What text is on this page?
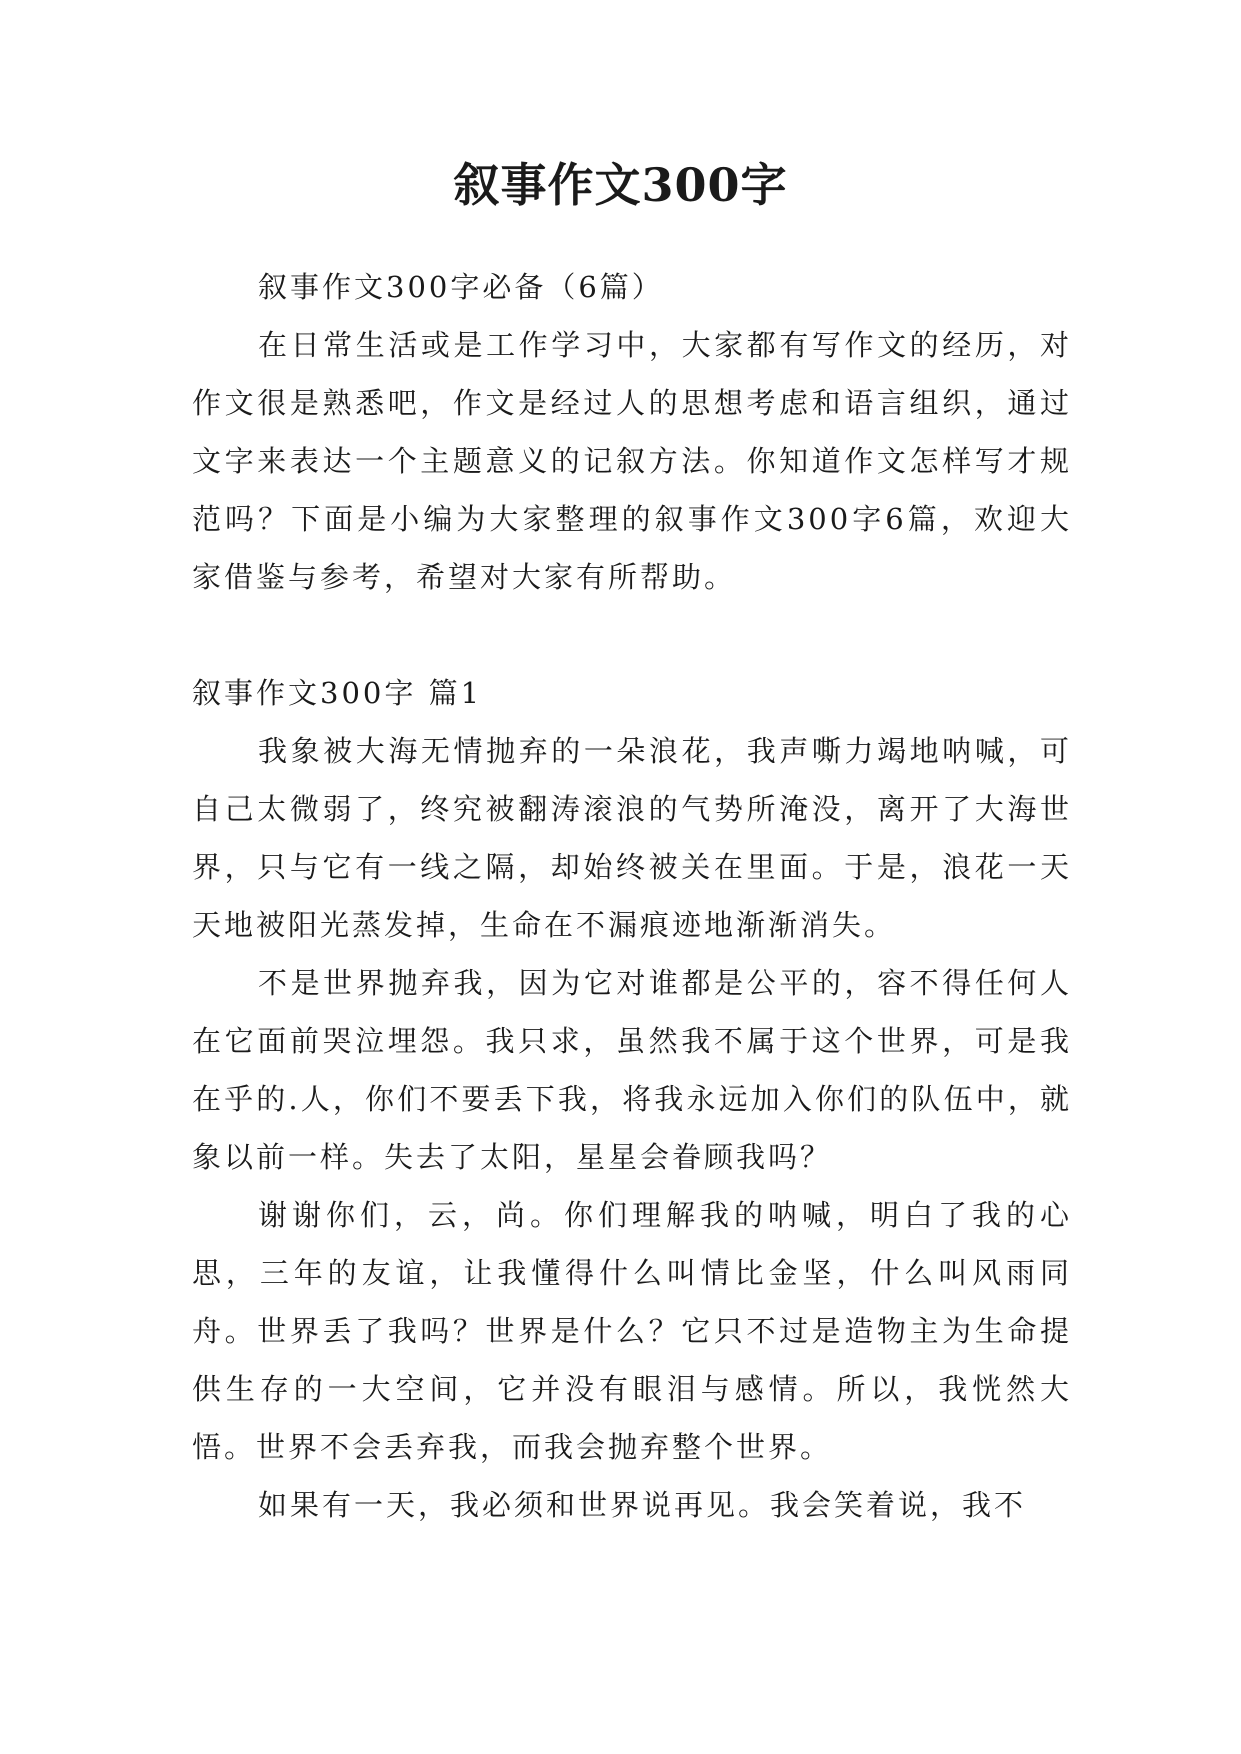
叙事作文300字

叙事作文300字必备（6篇）

在日常生活或是工作学习中，大家都有写作文的经历，对作文很是熟悉吧，作文是经过人的思想考虑和语言组织，通过文字来表达一个主题意义的记叙方法。你知道作文怎样写才规范吗？下面是小编为大家整理的叙事作文300字6篇，欢迎大家借鉴与参考，希望对大家有所帮助。

叙事作文300字 篇1

我象被大海无情抛弃的一朵浪花，我声嘶力竭地呐喊，可自己太微弱了，终究被翻涛滚浪的气势所淹没，离开了大海世界，只与它有一线之隔，却始终被关在里面。于是，浪花一天天地被阳光蒸发掉，生命在不漏痕迹地渐渐消失。

不是世界抛弃我，因为它对谁都是公平的，容不得任何人在它面前哭泣埋怨。我只求，虽然我不属于这个世界，可是我在乎的.人，你们不要丢下我，将我永远加入你们的队伍中，就象以前一样。失去了太阳，星星会眷顾我吗？

谢谢你们，云，尚。你们理解我的呐喊，明白了我的心思，三年的友谊，让我懂得什么叫情比金坚，什么叫风雨同舟。世界丢了我吗？世界是什么？它只不过是造物主为生命提供生存的一大空间，它并没有眼泪与感情。所以，我恍然大悟。世界不会丢弃我，而我会抛弃整个世界。

如果有一天，我必须和世界说再见。我会笑着说，我不
